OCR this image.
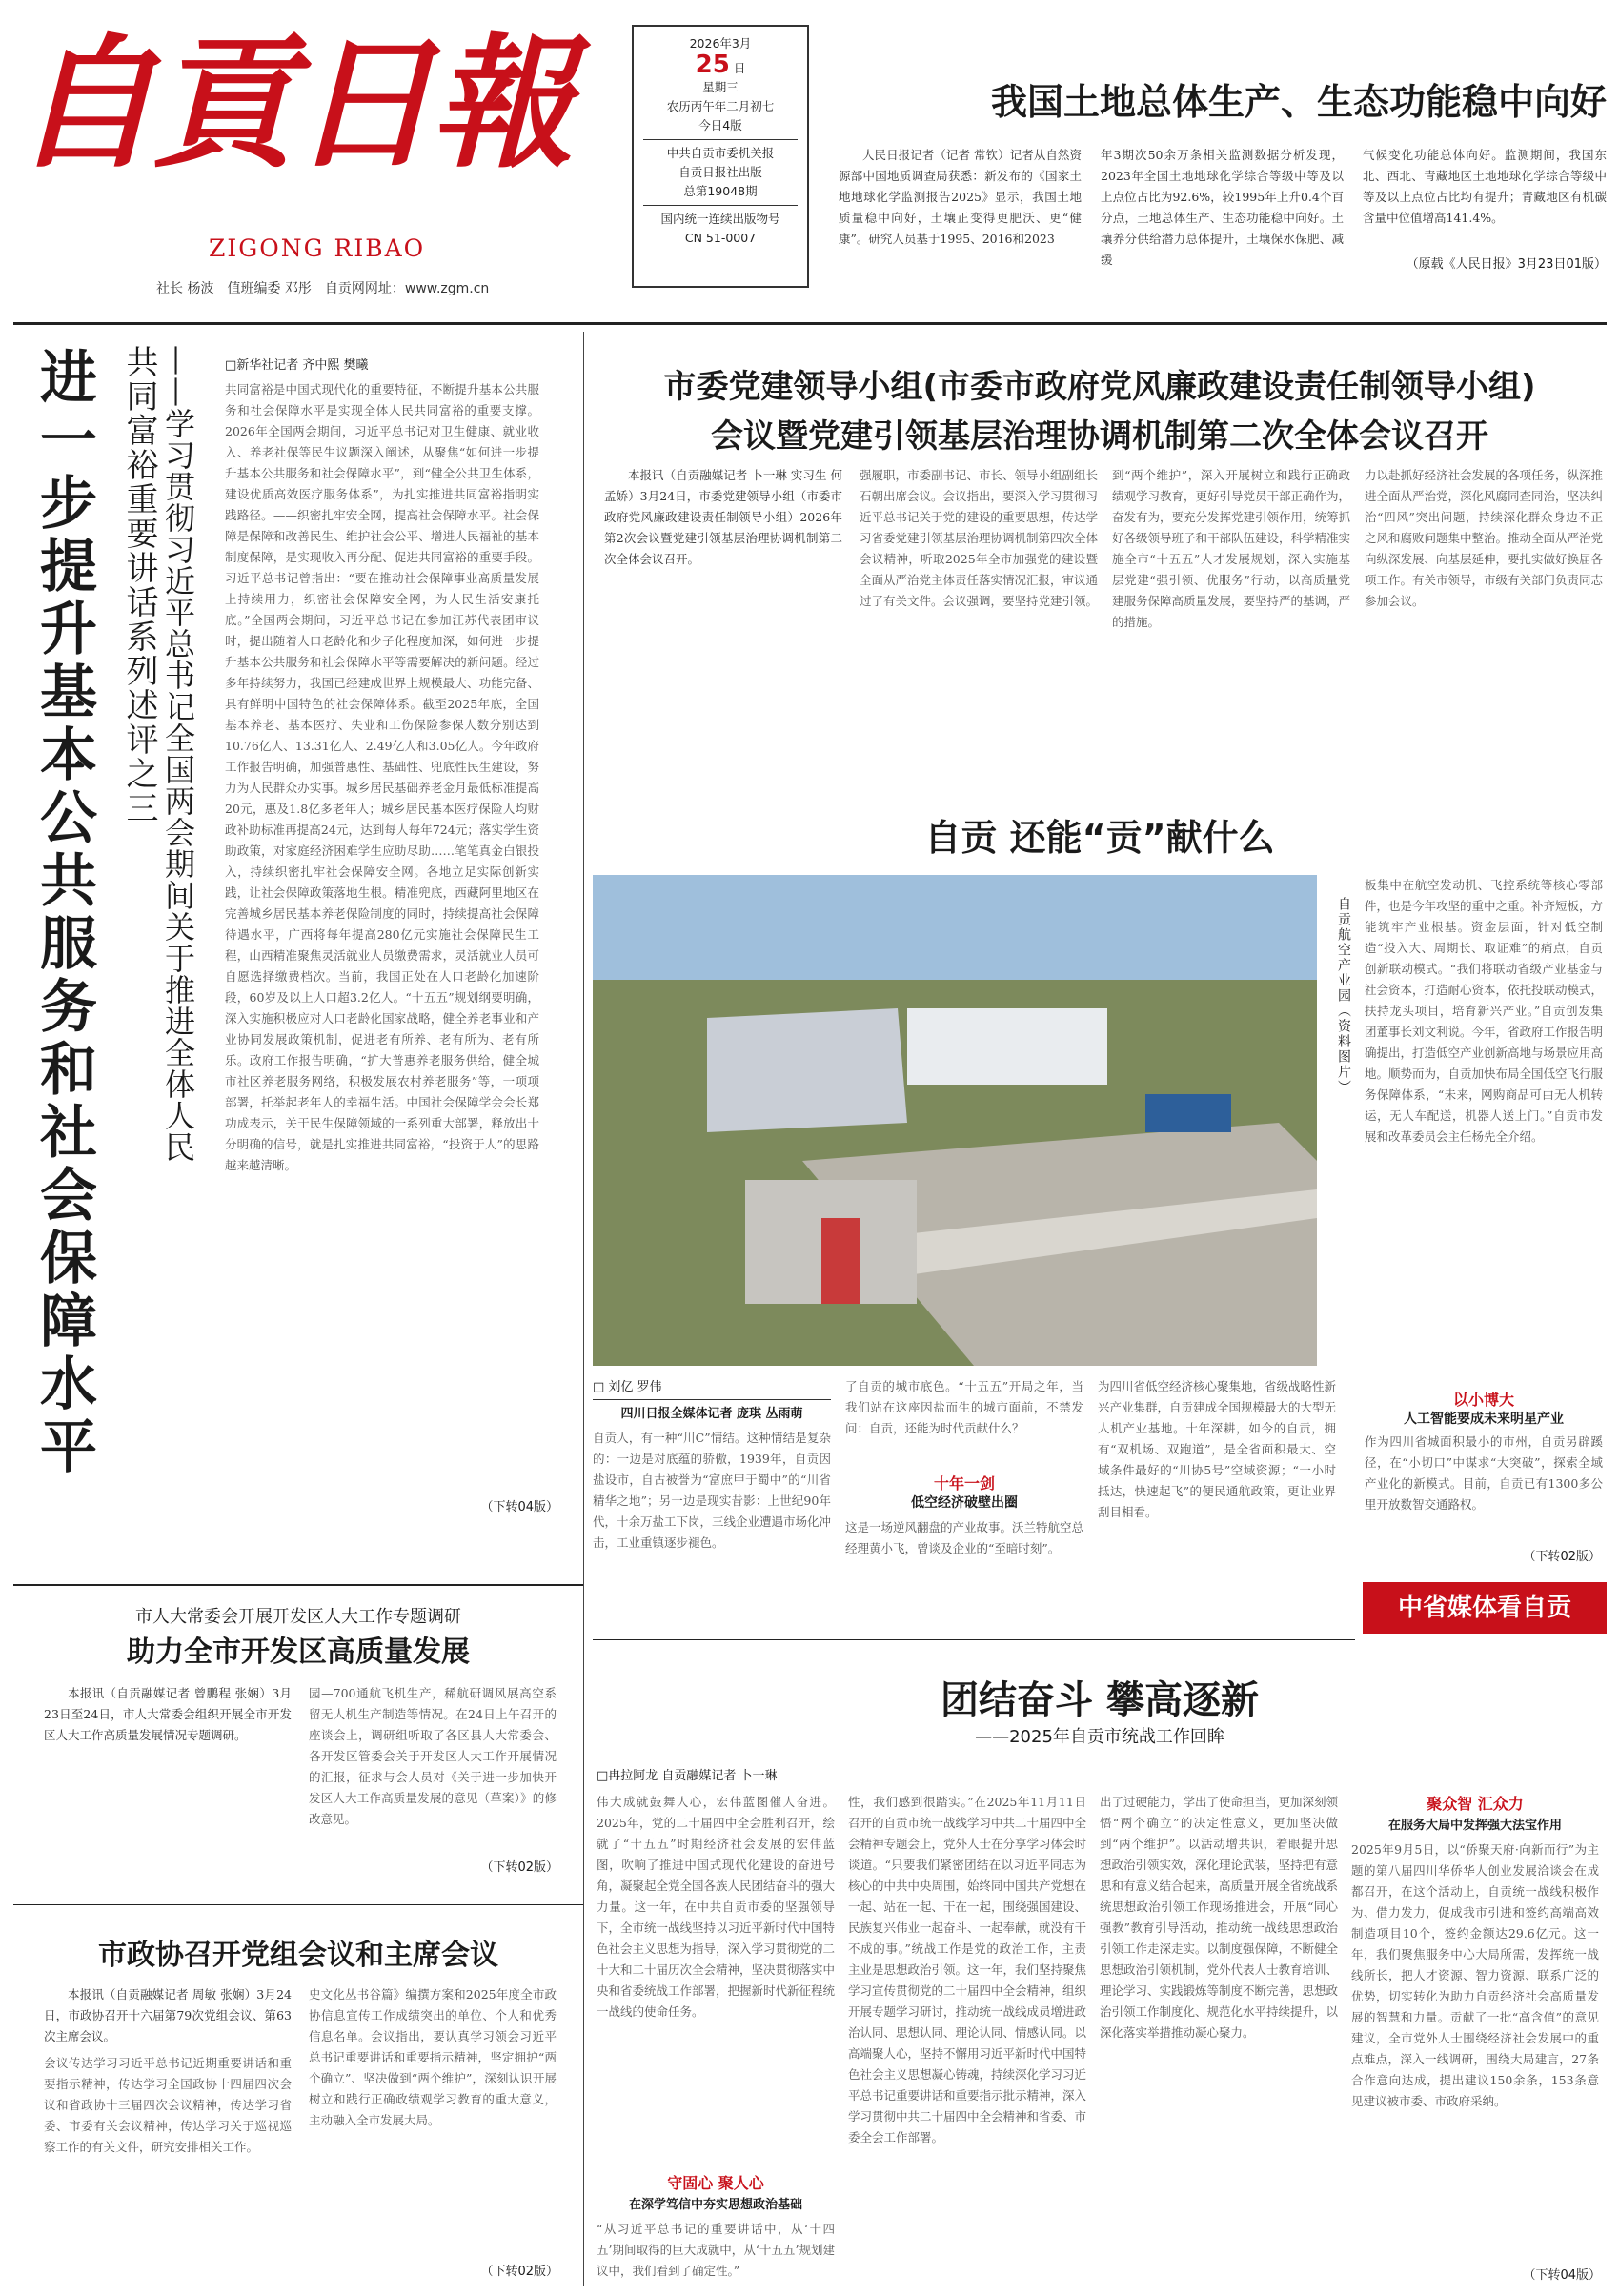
自貢日報
ZIGONG RIBAO
社长 杨波　值班编委 邓彤　自贡网网址：www.zgm.cn
2026年3月
25 日
星期三
农历丙午年二月初七
今日4版
中共自贡市委机关报
自贡日报社出版
总第19048期
国内统一连续出版物号
CN 51-0007
我国土地总体生产、生态功能稳中向好
人民日报记者（记者 常钦）记者从自然资源部中国地质调查局获悉：新发布的《国家土地地球化学监测报告2025》显示，我国土地质量稳中向好，土壤正变得更肥沃、更“健康”。研究人员基于1995、2016和2023
年3期次50余万条相关监测数据分析发现，2023年全国土地地球化学综合等级中等及以上点位占比为92.6%，较1995年上升0.4个百分点，土地总体生产、生态功能稳中向好。土壤养分供给潜力总体提升，土壤保水保肥、减缓
气候变化功能总体向好。监测期间，我国东北、西北、青藏地区土地地球化学综合等级中等及以上点位占比均有提升；青藏地区有机碳含量中位值增高141.4%。
（原载《人民日报》3月23日01版）
进一步提升基本公共服务和社会保障水平 共同富裕重要讲话系列述评之三 ——学习贯彻习近平总书记全国两会期间关于推进全体人民	□新华社记者 齐中熙 樊曦
共同富裕是中国式现代化的重要特征，不断提升基本公共服务和社会保障水平是实现全体人民共同富裕的重要支撑。2026年全国两会期间，习近平总书记对卫生健康、就业收入、养老社保等民生议题深入阐述，从聚焦“如何进一步提升基本公共服务和社会保障水平”，到“健全公共卫生体系，建设优质高效医疗服务体系”，为扎实推进共同富裕指明实践路径。——织密扎牢安全网，提高社会保障水平。社会保障是保障和改善民生、维护社会公平、增进人民福祉的基本制度保障，是实现收入再分配、促进共同富裕的重要手段。习近平总书记曾指出：“要在推动社会保障事业高质量发展上持续用力，织密社会保障安全网，为人民生活安康托底。”全国两会期间，习近平总书记在参加江苏代表团审议时，提出随着人口老龄化和少子化程度加深，如何进一步提升基本公共服务和社会保障水平等需要解决的新问题。经过多年持续努力，我国已经建成世界上规模最大、功能完备、具有鲜明中国特色的社会保障体系。截至2025年底，全国基本养老、基本医疗、失业和工伤保险参保人数分别达到10.76亿人、13.31亿人、2.49亿人和3.05亿人。今年政府工作报告明确，加强普惠性、基础性、兜底性民生建设，努力为人民群众办实事。城乡居民基础养老金月最低标准提高20元，惠及1.8亿多老年人；城乡居民基本医疗保险人均财政补助标准再提高24元，达到每人每年724元；落实学生资助政策，对家庭经济困难学生应助尽助……笔笔真金白银投入，持续织密扎牢社会保障安全网。各地立足实际创新实践，让社会保障政策落地生根。精准兜底，西藏阿里地区在完善城乡居民基本养老保险制度的同时，持续提高社会保障待遇水平，广西将每年提高280亿元实施社会保障民生工程，山西精准聚焦灵活就业人员缴费需求，灵活就业人员可自愿选择缴费档次。当前，我国正处在人口老龄化加速阶段，60岁及以上人口超3.2亿人。“十五五”规划纲要明确，深入实施积极应对人口老龄化国家战略，健全养老事业和产业协同发展政策机制，促进老有所养、老有所为、老有所乐。政府工作报告明确，“扩大普惠养老服务供给，健全城市社区养老服务网络，积极发展农村养老服务”等，一项项部署，托举起老年人的幸福生活。中国社会保障学会会长郑功成表示，关于民生保障领域的一系列重大部署，释放出十分明确的信号，就是扎实推进共同富裕，“投资于人”的思路越来越清晰。
（下转04版）
市委党建领导小组(市委市政府党风廉政建设责任制领导小组)
会议暨党建引领基层治理协调机制第二次全体会议召开
本报讯（自贡融媒记者 卜一琳 实习生 何孟娇）3月24日，市委党建领导小组（市委市政府党风廉政建设责任制领导小组）2026年第2次会议暨党建引领基层治理协调机制第二次全体会议召开。
强履职，市委副书记、市长、领导小组副组长石朝出席会议。会议指出，要深入学习贯彻习近平总书记关于党的建设的重要思想，传达学习省委党建引领基层治理协调机制第四次全体会议精神，听取2025年全市加强党的建设暨全面从严治党主体责任落实情况汇报，审议通过了有关文件。会议强调，要坚持党建引领。
到“两个维护”，深入开展树立和践行正确政绩观学习教育，更好引导党员干部正确作为，奋发有为，要充分发挥党建引领作用，统筹抓好各级领导班子和干部队伍建设，科学精准实施全市“十五五”人才发展规划，深入实施基层党建“强引领、优服务”行动，以高质量党建服务保障高质量发展，要坚持严的基调，严的措施。
力以赴抓好经济社会发展的各项任务，纵深推进全面从严治党，深化风腐同查同治，坚决纠治“四风”突出问题，持续深化群众身边不正之风和腐败问题集中整治。推动全面从严治党向纵深发展、向基层延伸，要扎实做好换届各项工作。有关市领导，市级有关部门负责同志参加会议。
自贡 还能“贡”献什么
自贡航空产业园（资料图片）
板集中在航空发动机、飞控系统等核心零部件，也是今年攻坚的重中之重。补齐短板，方能筑牢产业根基。资金层面，针对低空制造“投入大、周期长、取证难”的痛点，自贡创新联动模式。“我们将联动省级产业基金与社会资本，打造耐心资本，依托投联动模式，扶持龙头项目，培育新兴产业。”自贡创发集团董事长刘文利说。今年，省政府工作报告明确提出，打造低空产业创新高地与场景应用高地。顺势而为，自贡加快布局全国低空飞行服务保障体系，“未来，网购商品可由无人机转运，无人车配送，机器人送上门。”自贡市发展和改革委员会主任杨先全介绍。
□ 刘亿 罗伟
四川日报全媒体记者 庞琪 丛雨萌
自贡人，有一种“川C”情结。这种情结是复杂的：一边是对底蕴的骄傲，1939年，自贡因盐设市，自古被誉为“富庶甲于蜀中”的“川省精华之地”；另一边是现实昔影：上世纪90年代，十余万盐工下岗，三线企业遭遇市场化冲击，工业重镇逐步褪色。
了自贡的城市底色。“十五五”开局之年，当我们站在这座因盐而生的城市面前，不禁发问：自贡，还能为时代贡献什么？
十年一剑
低空经济破壁出圈
这是一场逆风翻盘的产业故事。沃兰特航空总经理黄小飞，曾谈及企业的“至暗时刻”。
为四川省低空经济核心聚集地，省级战略性新兴产业集群，自贡建成全国规模最大的大型无人机产业基地。十年深耕，如今的自贡，拥有“双机场、双跑道”，是全省面积最大、空域条件最好的“川协5号”空域资源；“一小时抵达，快速起飞”的便民通航政策，更让业界刮目相看。
以小博大
人工智能要成未来明星产业
作为四川省城面积最小的市州，自贡另辟蹊径，在“小切口”中谋求“大突破”，探索全域产业化的新模式。目前，自贡已有1300多公里开放数智交通路权。
（下转02版）
中省媒体看自贡
市人大常委会开展开发区人大工作专题调研
助力全市开发区高质量发展
本报讯（自贡融媒记者 曾鹏程 张娴）3月23日至24日，市人大常委会组织开展全市开发区人大工作高质量发展情况专题调研。
园—700通航飞机生产，稀航研调风展高空系留无人机生产制造等情况。在24日上午召开的座谈会上，调研组听取了各区县人大常委会、各开发区管委会关于开发区人大工作开展情况的汇报，征求与会人员对《关于进一步加快开发区人大工作高质量发展的意见（草案）》的修改意见。
（下转02版）
市政协召开党组会议和主席会议
本报讯（自贡融媒记者 周敏 张娴）3月24日，市政协召开十六届第79次党组会议、第63次主席会议。
会议传达学习习近平总书记近期重要讲话和重要指示精神，传达学习全国政协十四届四次会议和省政协十三届四次会议精神，传达学习省委、市委有关会议精神，传达学习关于巡视巡察工作的有关文件，研究安排相关工作。
史文化丛书谷篇》编撰方案和2025年度全市政协信息宣传工作成绩突出的单位、个人和优秀信息名单。会议指出，要认真学习领会习近平总书记重要讲话和重要指示精神，坚定拥护“两个确立”、坚决做到“两个维护”，深刻认识开展树立和践行正确政绩观学习教育的重大意义，主动融入全市发展大局。
（下转02版）
团结奋斗 攀高逐新
——2025年自贡市统战工作回眸
□冉拉阿龙 自贡融媒记者 卜一琳
伟大成就鼓舞人心，宏伟蓝图催人奋进。2025年，党的二十届四中全会胜利召开，绘就了“十五五”时期经济社会发展的宏伟蓝图，吹响了推进中国式现代化建设的奋进号角，凝聚起全党全国各族人民团结奋斗的强大力量。这一年，在中共自贡市委的坚强领导下，全市统一战线坚持以习近平新时代中国特色社会主义思想为指导，深入学习贯彻党的二十大和二十届历次全会精神，坚决贯彻落实中央和省委统战工作部署，把握新时代新征程统一战线的使命任务。
守固心 聚人心
在深学笃信中夯实思想政治基础
“从习近平总书记的重要讲话中，从‘十四五’期间取得的巨大成就中，从‘十五五’规划建议中，我们看到了确定性。”
性，我们感到很踏实。”在2025年11月11日召开的自贡市统一战线学习中共二十届四中全会精神专题会上，党外人士在分享学习体会时谈道。“只要我们紧密团结在以习近平同志为核心的中共中央周围，始终同中国共产党想在一起、站在一起、干在一起，围绕强国建设、民族复兴伟业一起奋斗、一起奉献，就没有干不成的事。”统战工作是党的政治工作，主责主业是思想政治引领。这一年，我们坚持聚焦学习宣传贯彻党的二十届四中全会精神，组织开展专题学习研讨，推动统一战线成员增进政治认同、思想认同、理论认同、情感认同。以高端聚人心，坚持不懈用习近平新时代中国特色社会主义思想凝心铸魂，持续深化学习习近平总书记重要讲话和重要指示批示精神，深入学习贯彻中共二十届四中全会精神和省委、市委全会工作部署。
出了过硬能力，学出了使命担当，更加深刻领悟“两个确立”的决定性意义，更加坚决做到“两个维护”。以活动增共识，着眼提升思想政治引领实效，深化理论武装，坚持把有意思和有意义结合起来，高质量开展全省统战系统思想政治引领工作现场推进会，开展“同心强教”教育引导活动，推动统一战线思想政治引领工作走深走实。以制度强保障，不断健全思想政治引领机制，党外代表人士教育培训、理论学习、实践锻炼等制度不断完善，思想政治引领工作制度化、规范化水平持续提升，以深化落实举措推动凝心聚力。
聚众智 汇众力
在服务大局中发挥强大法宝作用
2025年9月5日，以“侨聚天府·向新而行”为主题的第八届四川华侨华人创业发展洽谈会在成都召开，在这个活动上，自贡统一战线积极作为、借力发力，促成我市引进和签约高端高效制造项目10个，签约金额达29.6亿元。这一年，我们聚焦服务中心大局所需，发挥统一战线所长，把人才资源、智力资源、联系广泛的优势，切实转化为助力自贡经济社会高质量发展的智慧和力量。贡献了一批“高含值”的意见建议，全市党外人士围绕经济社会发展中的重点难点，深入一线调研，围绕大局建言，27条合作意向达成，提出建议150余条，153条意见建议被市委、市政府采纳。
（下转04版）
